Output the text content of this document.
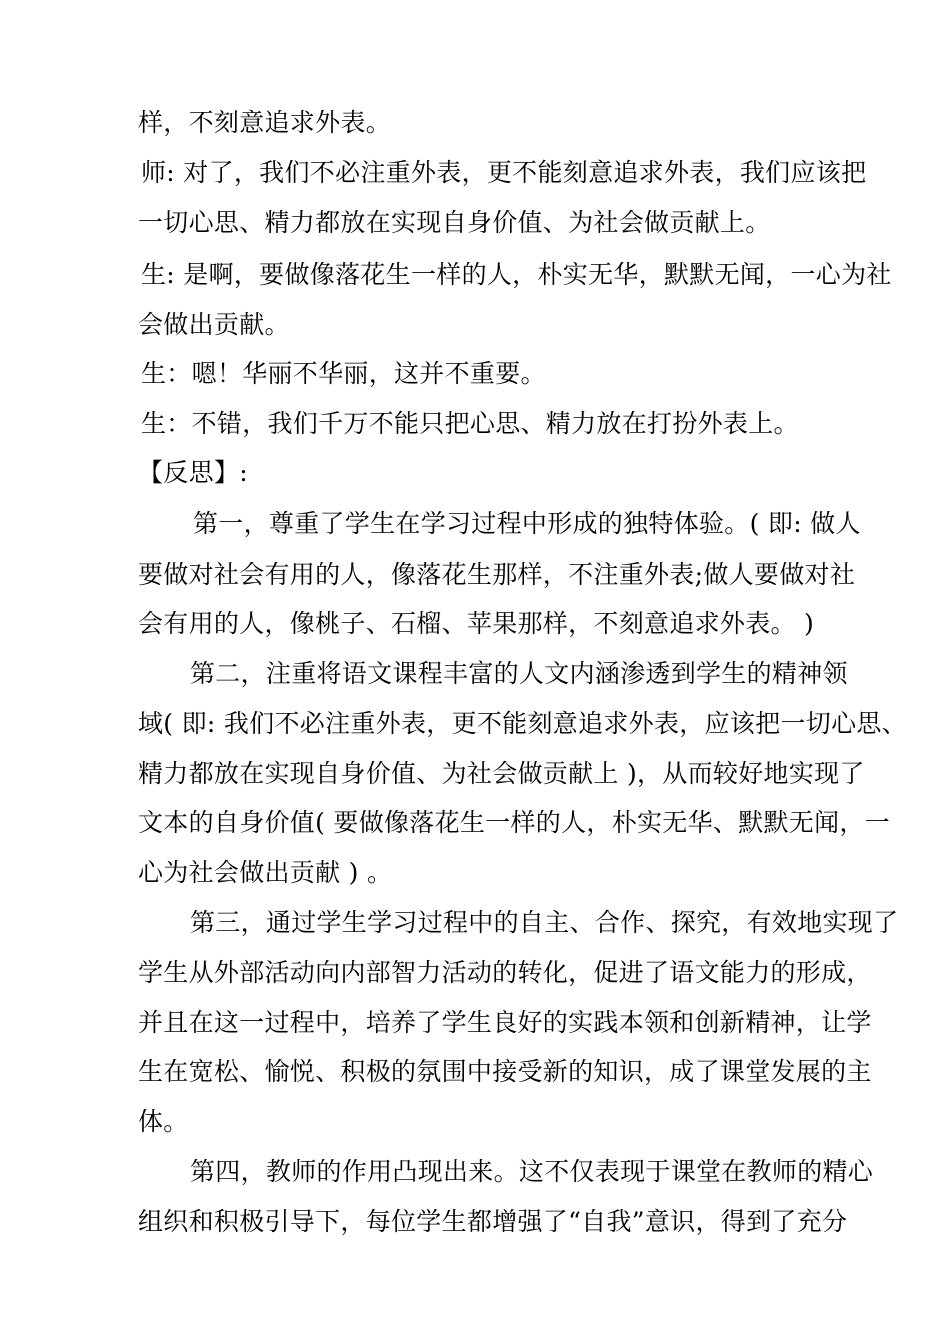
样，不刻意追求外表。
师: 对了，我们不必注重外表，更不能刻意追求外表，我们应该把
一切心思、精力都放在实现自身价值、为社会做贡献上。
生: 是啊，要做像落花生一样的人，朴实无华，默默无闻，一心为社
会做出贡献。
生：嗯！华丽不华丽，这并不重要。
生：不错，我们千万不能只把心思、精力放在打扮外表上。
【反思】:
第一，尊重了学生在学习过程中形成的独特体验。( 即: 做人
要做对社会有用的人，像落花生那样，不注重外表;做人要做对社
会有用的人，像桃子、石榴、苹果那样，不刻意追求外表。 )
第二，注重将语文课程丰富的人文内涵渗透到学生的精神领
域( 即: 我们不必注重外表，更不能刻意追求外表，应该把一切心思、
精力都放在实现自身价值、为社会做贡献上 )，从而较好地实现了
文本的自身价值( 要做像落花生一样的人，朴实无华、默默无闻，一
心为社会做出贡献 ) 。
第三，通过学生学习过程中的自主、合作、探究，有效地实现了
学生从外部活动向内部智力活动的转化，促进了语文能力的形成，
并且在这一过程中，培养了学生良好的实践本领和创新精神，让学
生在宽松、愉悦、积极的氛围中接受新的知识，成了课堂发展的主
体。
第四，教师的作用凸现出来。这不仅表现于课堂在教师的精心
组织和积极引导下，每位学生都增强了“自我”意识，得到了充分
